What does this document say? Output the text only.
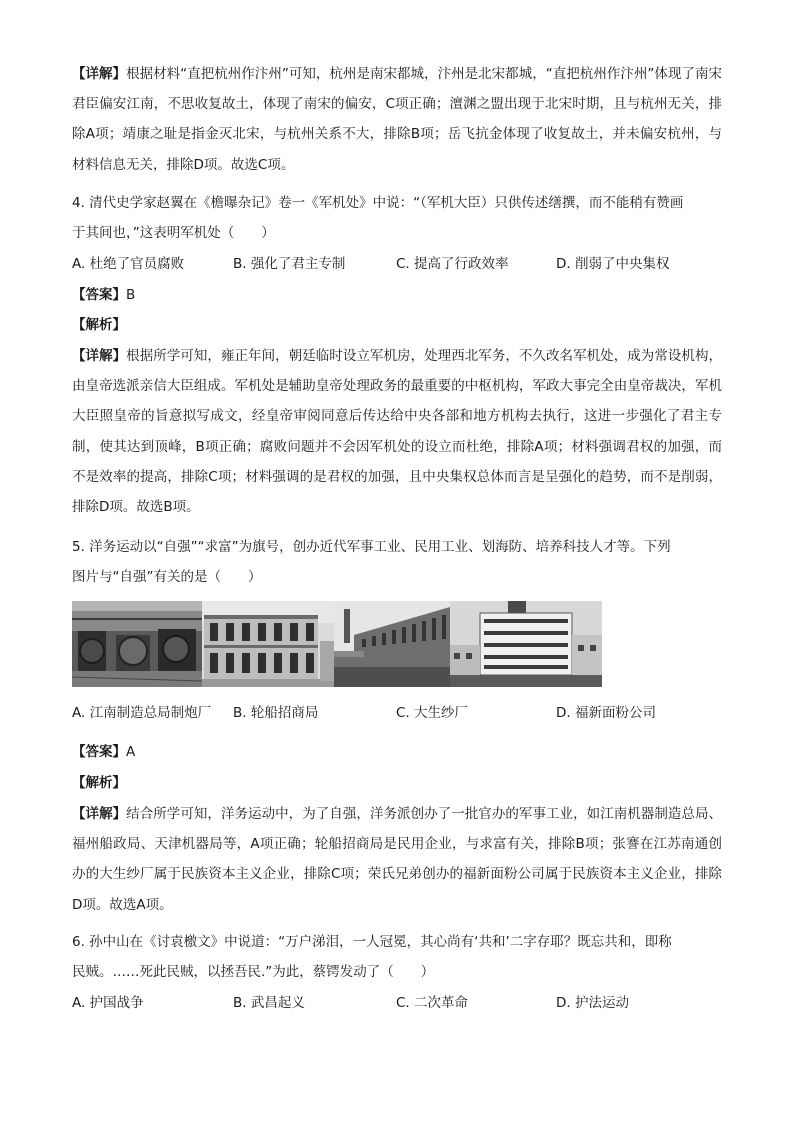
【详解】根据材料“直把杭州作汴州”可知，杭州是南宋都城，汴州是北宋都城，“直把杭州作汴州”体现了南宋君臣偏安江南，不思收复故土，体现了南宋的偏安，C项正确；澶渊之盟出现于北宋时期，且与杭州无关，排除A项；靖康之耻是指金灭北宋，与杭州关系不大，排除B项；岳飞抗金体现了收复故土，并未偏安杭州，与材料信息无关，排除D项。故选C项。
4. 清代史学家赵翼在《檐曝杂记》卷一《军机处》中说：“（军机大臣）只供传述缮撰，而不能稍有赞画
于其间也，”这表明军机处（　　）
A. 杜绝了官员腐败	B. 强化了君主专制	C. 提高了行政效率	D. 削弱了中央集权
【答案】B
【解析】
【详解】根据所学可知，雍正年间，朝廷临时设立军机房，处理西北军务，不久改名军机处，成为常设机构，由皇帝选派亲信大臣组成。军机处是辅助皇帝处理政务的最重要的中枢机构，军政大事完全由皇帝裁决，军机大臣照皇帝的旨意拟写成文，经皇帝审阅同意后传达给中央各部和地方机构去执行，这进一步强化了君主专制，使其达到顶峰，B项正确；腐败问题并不会因军机处的设立而杜绝，排除A项；材料强调君权的加强，而不是效率的提高，排除C项；材料强调的是君权的加强，且中央集权总体而言是呈强化的趋势，而不是削弱，排除D项。故选B项。
5. 洋务运动以“自强”“求富”为旗号，创办近代军事工业、民用工业、划海防、培养科技人才等。下列
图片与“自强”有关的是（　　）
A. 江南制造总局制炮厂 B. 轮船招商局	C. 大生纱厂	D. 福新面粉公司
【答案】A
【解析】
【详解】结合所学可知，洋务运动中，为了自强，洋务派创办了一批官办的军事工业，如江南机器制造总局、福州船政局、天津机器局等，A项正确；轮船招商局是民用企业，与求富有关，排除B项；张謇在江苏南通创办的大生纱厂属于民族资本主义企业，排除C项；荣氏兄弟创办的福新面粉公司属于民族资本主义企业，排除D项。故选A项。
6. 孙中山在《讨袁檄文》中说道：“万户涕泪，一人冠冕，其心尚有‘共和’二字存耶？既忘共和，即称
民贼。……死此民贼，以拯吾民.”为此，蔡锷发动了（　　）
A. 护国战争	B. 武昌起义	C. 二次革命	D. 护法运动
